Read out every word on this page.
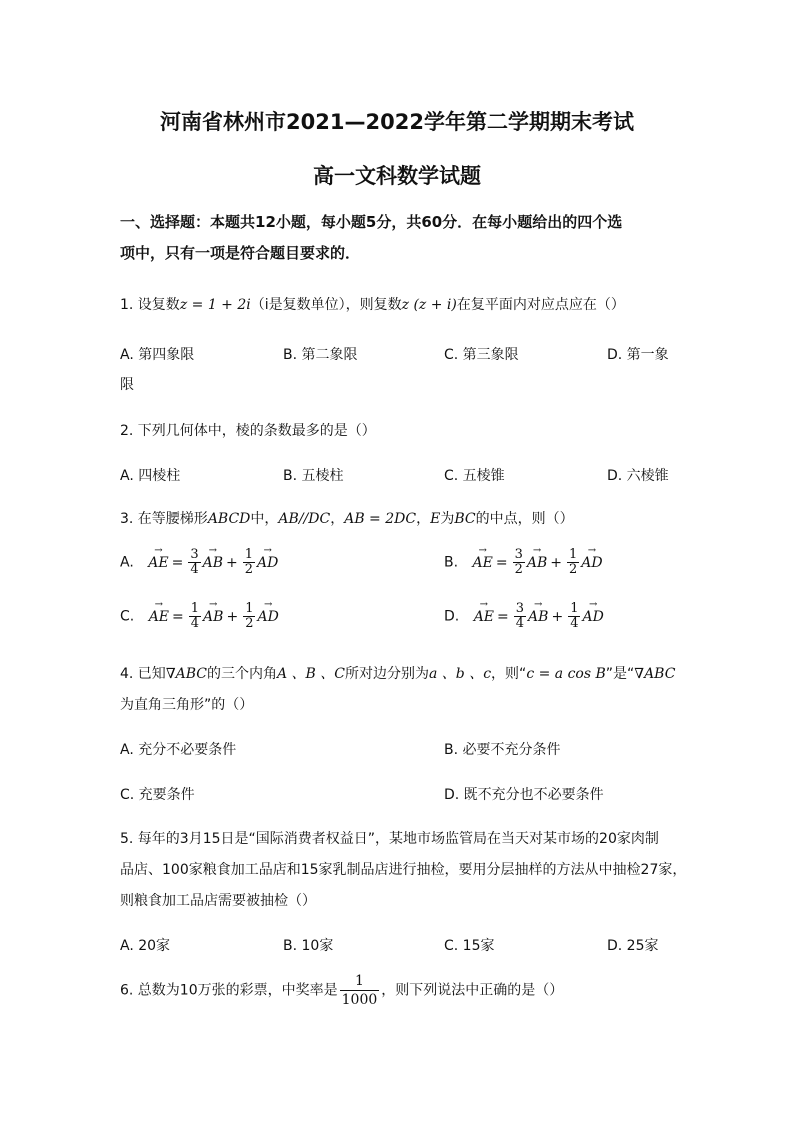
河南省林州市2021—2022学年第二学期期末考试
高一文科数学试题
一、选择题：本题共12小题，每小题5分，共60分．在每小题给出的四个选
项中，只有一项是符合题目要求的．
1. 设复数z = 1 + 2i（i是复数单位），则复数z (z + i)在复平面内对应点应在（）
A. 第四象限	B. 第二象限	C. 第三象限	D. 第一象
限
2. 下列几何体中，棱的条数最多的是（）
A. 四棱柱	B. 五棱柱	C. 五棱锥	D. 六棱锥
3. 在等腰梯形ABCD中，AB//DC，AB = 2DC，E为BC的中点，则（）
A. → AE = $\frac{3}{4}$ → AB + $\frac{1}{2}$ → AD	B. → AE = $\frac{3}{2}$ → AB + $\frac{1}{2}$ → AD
C. → AE = $\frac{1}{4}$ → AB + $\frac{1}{2}$ → AD	D. → AE = $\frac{3}{4}$ → AB + $\frac{1}{4}$ → AD
4. 已知∇ABC的三个内角A 、B 、C所对边分别为a 、b 、c，则“c = a cos B”是“∇ABC
为直角三角形”的（）
A. 充分不必要条件	B. 必要不充分条件
C. 充要条件	D. 既不充分也不必要条件
5. 每年的3月15日是“国际消费者权益日”，某地市场监管局在当天对某市场的20家肉制
品店、100家粮食加工品店和15家乳制品店进行抽检，要用分层抽样的方法从中抽检27家，
则粮食加工品店需要被抽检（）
A. 20家	B. 10家	C. 15家	D. 25家
6. 总数为10万张的彩票，中奖率是 $\frac{1}{1000}$ ，则下列说法中正确的是（）
